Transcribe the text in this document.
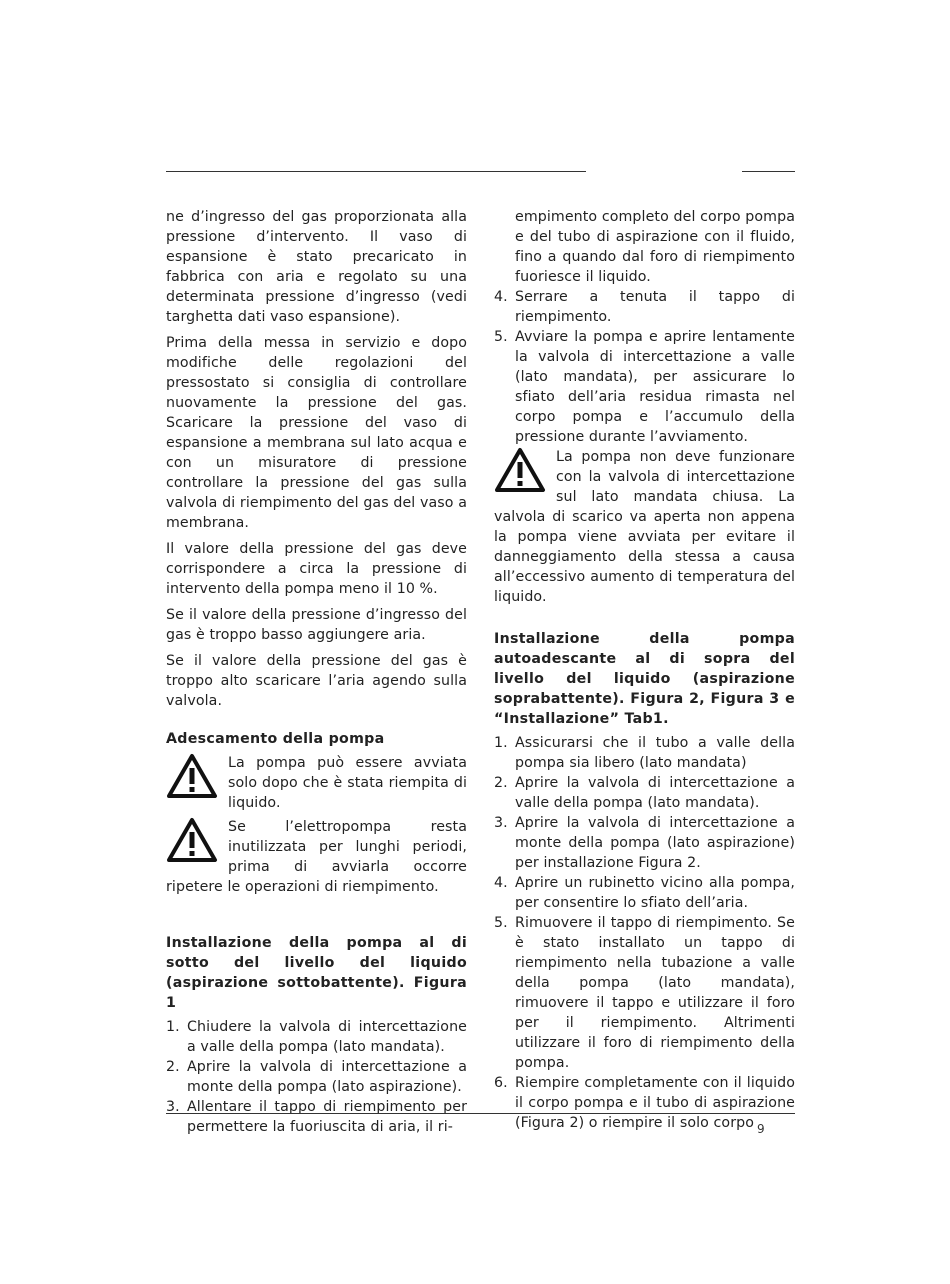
ne d’ingresso del gas proporzionata alla pressione d’intervento. Il vaso di espansione è stato precaricato in fabbrica con aria e regolato su una determinata pressione d’ingresso (vedi targhetta dati vaso espansione).

Prima della messa in servizio e dopo modifiche delle regolazioni del pressostato si consiglia di controllare nuovamente la pressione del gas. Scaricare la pressione del vaso di espansione a membrana sul lato acqua e con un misuratore di pressione controllare la pressione del gas sulla valvola di riempimento del gas del vaso a membrana.

Il valore della pressione del gas deve corrispondere a circa la pressione di intervento della pompa meno il 10 %.

Se il valore della pressione d’ingresso del gas è troppo basso aggiungere aria.

Se il valore della pressione del gas è troppo alto scaricare l’aria agendo sulla valvola.

Adescamento della pompa
La pompa può essere avviata solo dopo che è stata riempita di liquido.
Se l’elettropompa resta inutilizzata per lunghi periodi, prima di avviarla occorre ripetere le operazioni di riempimento.
Installazione della pompa al di sotto del livello del liquido (aspirazione sottobattente). Figura 1
1. Chiudere la valvola di intercettazione a valle della pompa (lato mandata).
2. Aprire la valvola di intercettazione a monte della pompa (lato aspirazione).
3. Allentare il tappo di riempimento per permettere la fuoriuscita di aria, il ri-

empimento completo del corpo pompa e del tubo di aspirazione con il fluido, fino a quando dal foro di riempimento fuoriesce il liquido.

4. Serrare a tenuta il tappo di riempimento.
5. Avviare la pompa e aprire lentamente la valvola di intercettazione a valle (lato mandata), per assicurare lo sfiato dell’aria residua rimasta nel corpo pompa e l’accumulo della pressione durante l’avviamento.
La pompa non deve funzionare con la valvola di intercettazione sul lato mandata chiusa. La valvola di scarico va aperta non appena la pompa viene avviata per evitare il danneggiamento della stessa a causa all’eccessivo aumento di temperatura del liquido.
Installazione della pompa autoadescante al di sopra del livello del liquido (aspirazione soprabattente). Figura 2, Figura 3 e “Installazione” Tab1.
1. Assicurarsi che il tubo a valle della pompa sia libero (lato mandata)
2. Aprire la valvola di intercettazione a valle della pompa (lato mandata).
3. Aprire la valvola di intercettazione a monte della pompa (lato aspirazione) per installazione Figura 2.
4. Aprire un rubinetto vicino alla pompa, per consentire lo sfiato dell’aria.
5. Rimuovere il tappo di riempimento. Se è stato installato un tappo di riempimento nella tubazione a valle della pompa (lato mandata), rimuovere il tappo e utilizzare il foro per il riempimento. Altrimenti utilizzare il foro di riempimento della pompa.
6. Riempire completamente con il liquido il corpo pompa e il tubo di aspirazione (Figura 2) o riempire il solo corpo 9
